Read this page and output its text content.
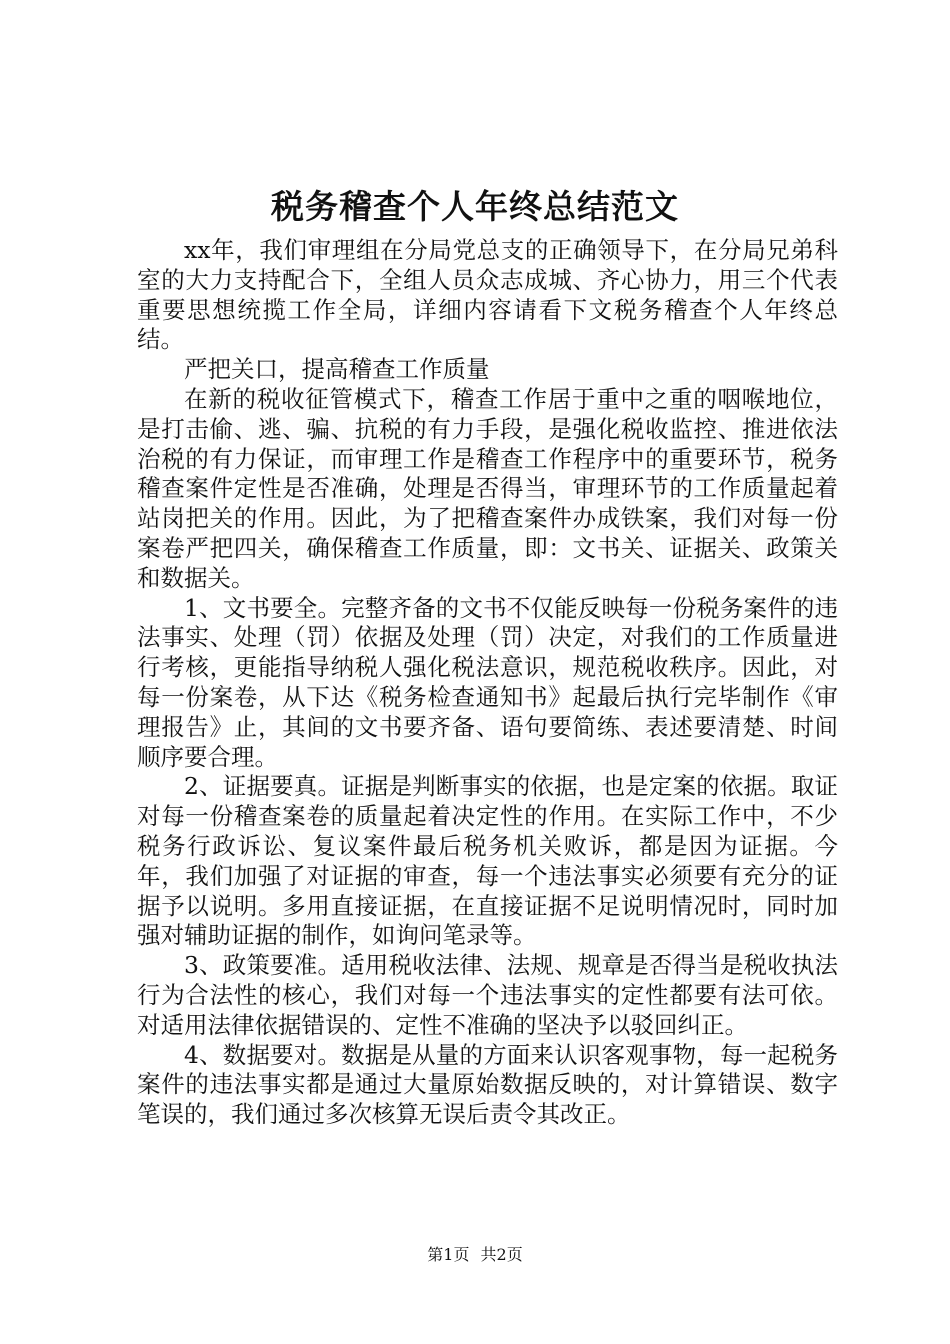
税务稽查个人年终总结范文

xx年，我们审理组在分局党总支的正确领导下，在分局兄弟科室的大力支持配合下，全组人员众志成城、齐心协力，用三个代表重要思想统揽工作全局，详细内容请看下文税务稽查个人年终总结。

严把关口，提高稽查工作质量

在新的税收征管模式下，稽查工作居于重中之重的咽喉地位，是打击偷、逃、骗、抗税的有力手段，是强化税收监控、推进依法治税的有力保证，而审理工作是稽查工作程序中的重要环节，税务稽查案件定性是否准确，处理是否得当，审理环节的工作质量起着站岗把关的作用。因此，为了把稽查案件办成铁案，我们对每一份案卷严把四关，确保稽查工作质量，即：文书关、证据关、政策关和数据关。

1、文书要全。完整齐备的文书不仅能反映每一份税务案件的违法事实、处理（罚）依据及处理（罚）决定，对我们的工作质量进行考核，更能指导纳税人强化税法意识，规范税收秩序。因此，对每一份案卷，从下达《税务检查通知书》起最后执行完毕制作《审理报告》止，其间的文书要齐备、语句要简练、表述要清楚、时间顺序要合理。

2、证据要真。证据是判断事实的依据，也是定案的依据。取证对每一份稽查案卷的质量起着决定性的作用。在实际工作中，不少税务行政诉讼、复议案件最后税务机关败诉，都是因为证据。今年，我们加强了对证据的审查，每一个违法事实必须要有充分的证据予以说明。多用直接证据，在直接证据不足说明情况时，同时加强对辅助证据的制作，如询问笔录等。

3、政策要准。适用税收法律、法规、规章是否得当是税收执法行为合法性的核心，我们对每一个违法事实的定性都要有法可依。对适用法律依据错误的、定性不准确的坚决予以驳回纠正。

4、数据要对。数据是从量的方面来认识客观事物，每一起税务案件的违法事实都是通过大量原始数据反映的，对计算错误、数字笔误的，我们通过多次核算无误后责令其改正。

第1页 共2页
